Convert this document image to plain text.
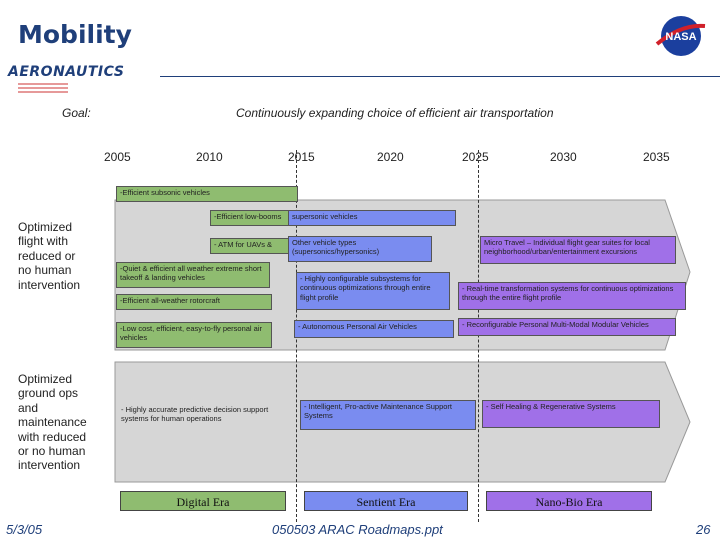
Mobility	NASA
AERONAUTICS
Goal:	Continuously expanding choice of efficient air transportation
2005	2010	2015	2020	2025	2030	2035
Optimized flight with reduced or no human intervention
Optimized ground ops and maintenance with reduced or no human intervention
-Efficient subsonic vehicles
-Efficient low-booms	supersonic vehicles
- ATM for UAVs &	Other vehicle types (supersonics/hypersonics)
Micro Travel – Individual flight gear suites for local neighborhood/urban/entertainment excursions
-Quiet & efficient all weather extreme short takeoff & landing vehicles	- Highly configurable subsystems for continuous optimizations through entire flight profile
- Real-time transformation systems for continuous optimizations through the entire flight profile
-Efficient all-weather rotorcraft
-Low cost, efficient, easy-to-fly personal air vehicles
- Autonomous Personal Air Vehicles	- Reconfigurable Personal Multi-Modal Modular Vehicles
- Highly accurate predictive decision support systems for human operations
- Intelligent, Pro-active Maintenance Support Systems
- Self Healing & Regenerative Systems
Digital Era	Sentient Era	Nano-Bio Era
5/3/05	050503 ARAC Roadmaps.ppt	26
